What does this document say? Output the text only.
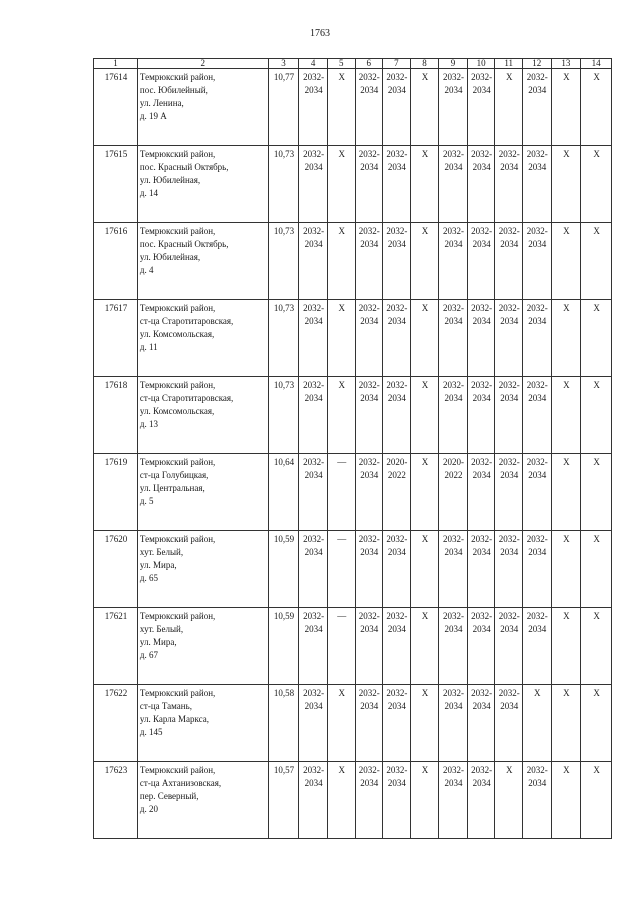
1763
1	2	3	4	5	6	7	8	9	10	11	12	13	14
17614	Темрюкский район,
пос. Юбилейный,
ул. Ленина,
д. 19 А	10,77	2032-
2034	X	2032-
2034	2032-
2034	X	2032-
2034	2032-
2034	X	2032-
2034	X	X

17615	Темрюкский район,
пос. Красный Октябрь,
ул. Юбилейная,
д. 14	10,73	2032-
2034	X	2032-
2034	2032-
2034	X	2032-
2034	2032-
2034	2032-
2034	2032-
2034	X	X

17616	Темрюкский район,
пос. Красный Октябрь,
ул. Юбилейная,
д. 4	10,73	2032-
2034	X	2032-
2034	2032-
2034	X	2032-
2034	2032-
2034	2032-
2034	2032-
2034	X	X

17617	Темрюкский район,
ст-ца Старотитаровская,
ул. Комсомольская,
д. 11	10,73	2032-
2034	X	2032-
2034	2032-
2034	X	2032-
2034	2032-
2034	2032-
2034	2032-
2034	X	X

17618	Темрюкский район,
ст-ца Старотитаровская,
ул. Комсомольская,
д. 13	10,73	2032-
2034	X	2032-
2034	2032-
2034	X	2032-
2034	2032-
2034	2032-
2034	2032-
2034	X	X

17619	Темрюкский район,
ст-ца Голубицкая,
ул. Центральная,
д. 5	10,64	2032-
2034	—	2032-
2034	2020-
2022	X	2020-
2022	2032-
2034	2032-
2034	2032-
2034	X	X

17620	Темрюкский район,
хут. Белый,
ул. Мира,
д. 65	10,59	2032-
2034	—	2032-
2034	2032-
2034	X	2032-
2034	2032-
2034	2032-
2034	2032-
2034	X	X

17621	Темрюкский район,
хут. Белый,
ул. Мира,
д. 67	10,59	2032-
2034	—	2032-
2034	2032-
2034	X	2032-
2034	2032-
2034	2032-
2034	2032-
2034	X	X

17622	Темрюкский район,
ст-ца Тамань,
ул. Карла Маркса,
д. 145	10,58	2032-
2034	X	2032-
2034	2032-
2034	X	2032-
2034	2032-
2034	2032-
2034	X	X	X

17623	Темрюкский район,
ст-ца Ахтанизовская,
пер. Северный,
д. 20	10,57	2032-
2034	X	2032-
2034	2032-
2034	X	2032-
2034	2032-
2034	X	2032-
2034	X	X
